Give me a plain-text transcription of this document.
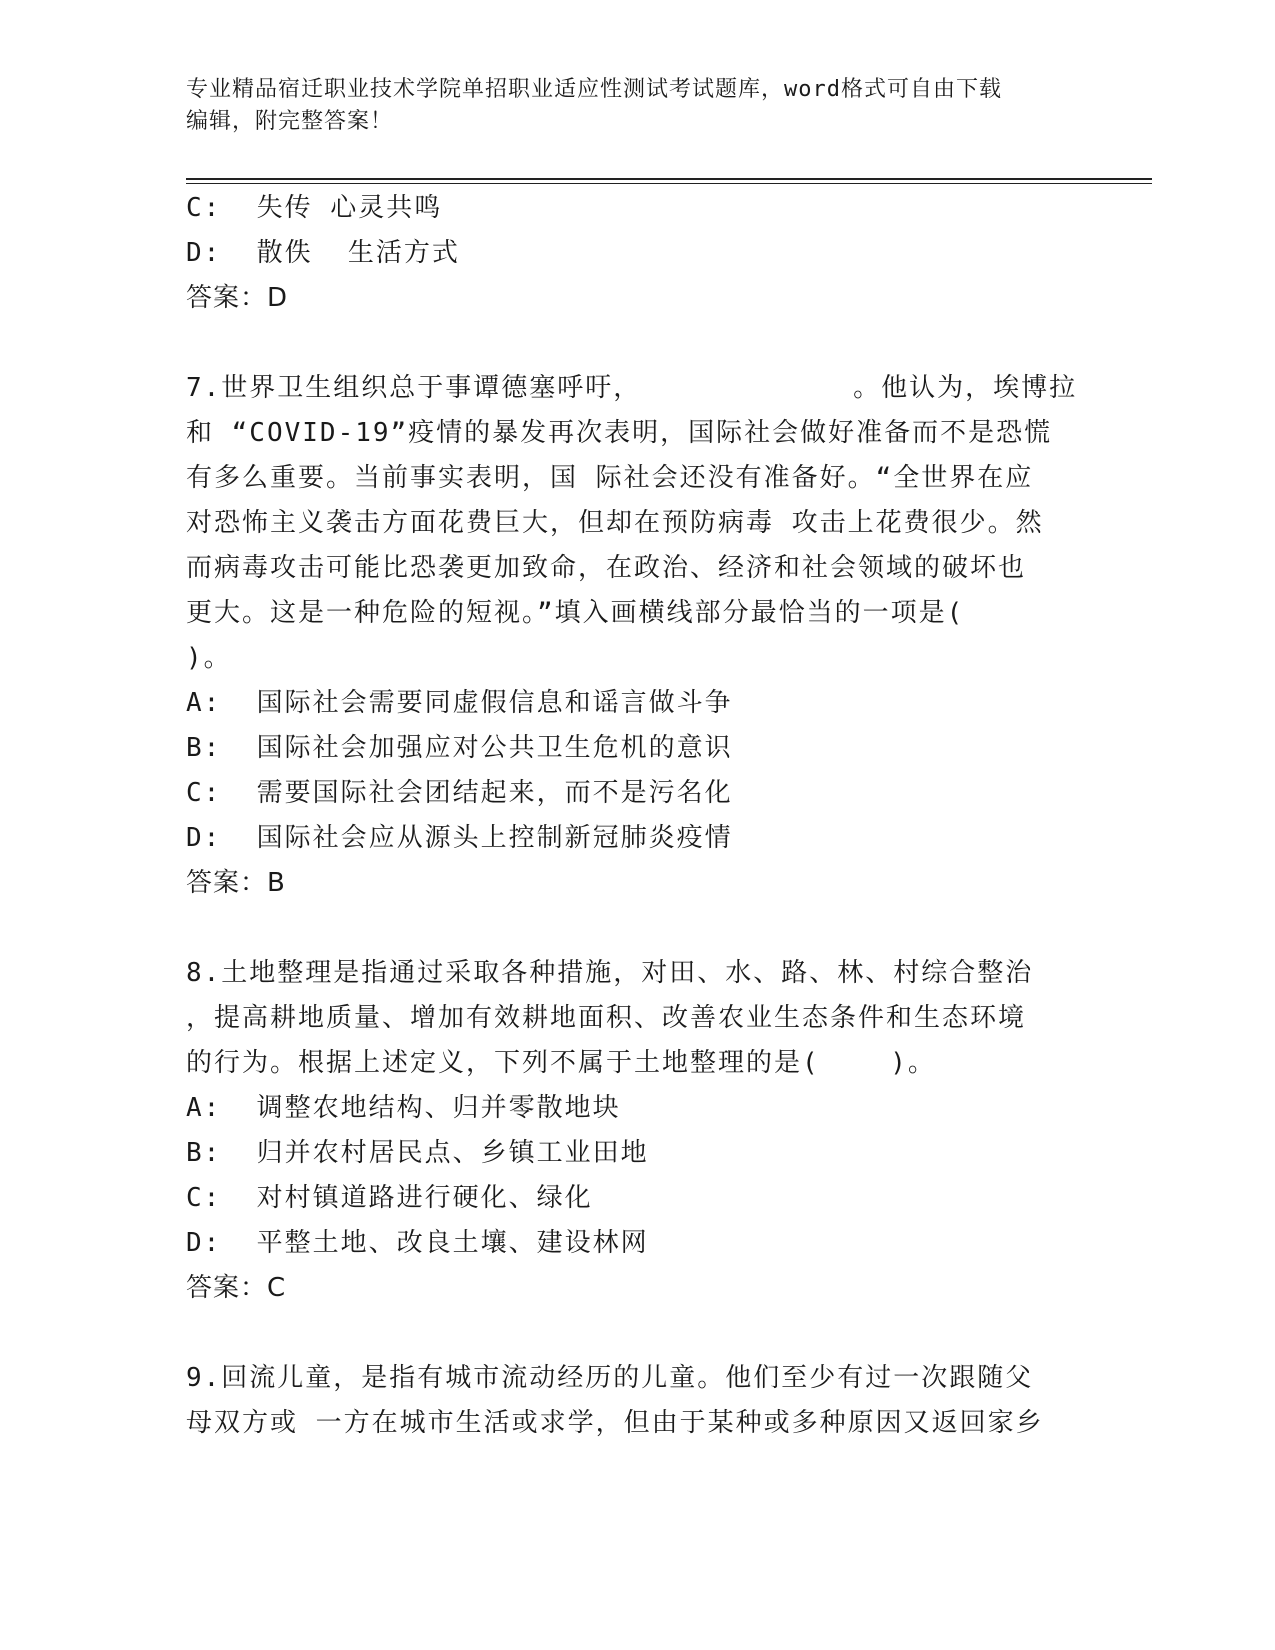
专业精品宿迁职业技术学院单招职业适应性测试考试题库，word格式可自由下载
编辑，附完整答案！
C:  失传 心灵共鸣
D:  散佚  生活方式
答案：D
7.世界卫生组织总于事谭德塞呼吁，            。他认为，埃博拉
和 “COVID-19”疫情的暴发再次表明，国际社会做好准备而不是恐慌
有多么重要。当前事实表明，国 际社会还没有准备好。“全世界在应
对恐怖主义袭击方面花费巨大，但却在预防病毒 攻击上花费很少。然
而病毒攻击可能比恐袭更加致命，在政治、经济和社会领域的破坏也
更大。这是一种危险的短视。”填入画横线部分最恰当的一项是(
)。
A:  国际社会需要同虚假信息和谣言做斗争
B:  国际社会加强应对公共卫生危机的意识
C:  需要国际社会团结起来，而不是污名化
D:  国际社会应从源头上控制新冠肺炎疫情
答案：B
8.土地整理是指通过采取各种措施，对田、水、路、林、村综合整治
，提高耕地质量、增加有效耕地面积、改善农业生态条件和生态环境
的行为。根据上述定义，下列不属于土地整理的是(    )。
A:  调整农地结构、归并零散地块
B:  归并农村居民点、乡镇工业田地
C:  对村镇道路进行硬化、绿化
D:  平整土地、改良土壤、建设林网
答案：C
9.回流儿童，是指有城市流动经历的儿童。他们至少有过一次跟随父
母双方或 一方在城市生活或求学，但由于某种或多种原因又返回家乡
